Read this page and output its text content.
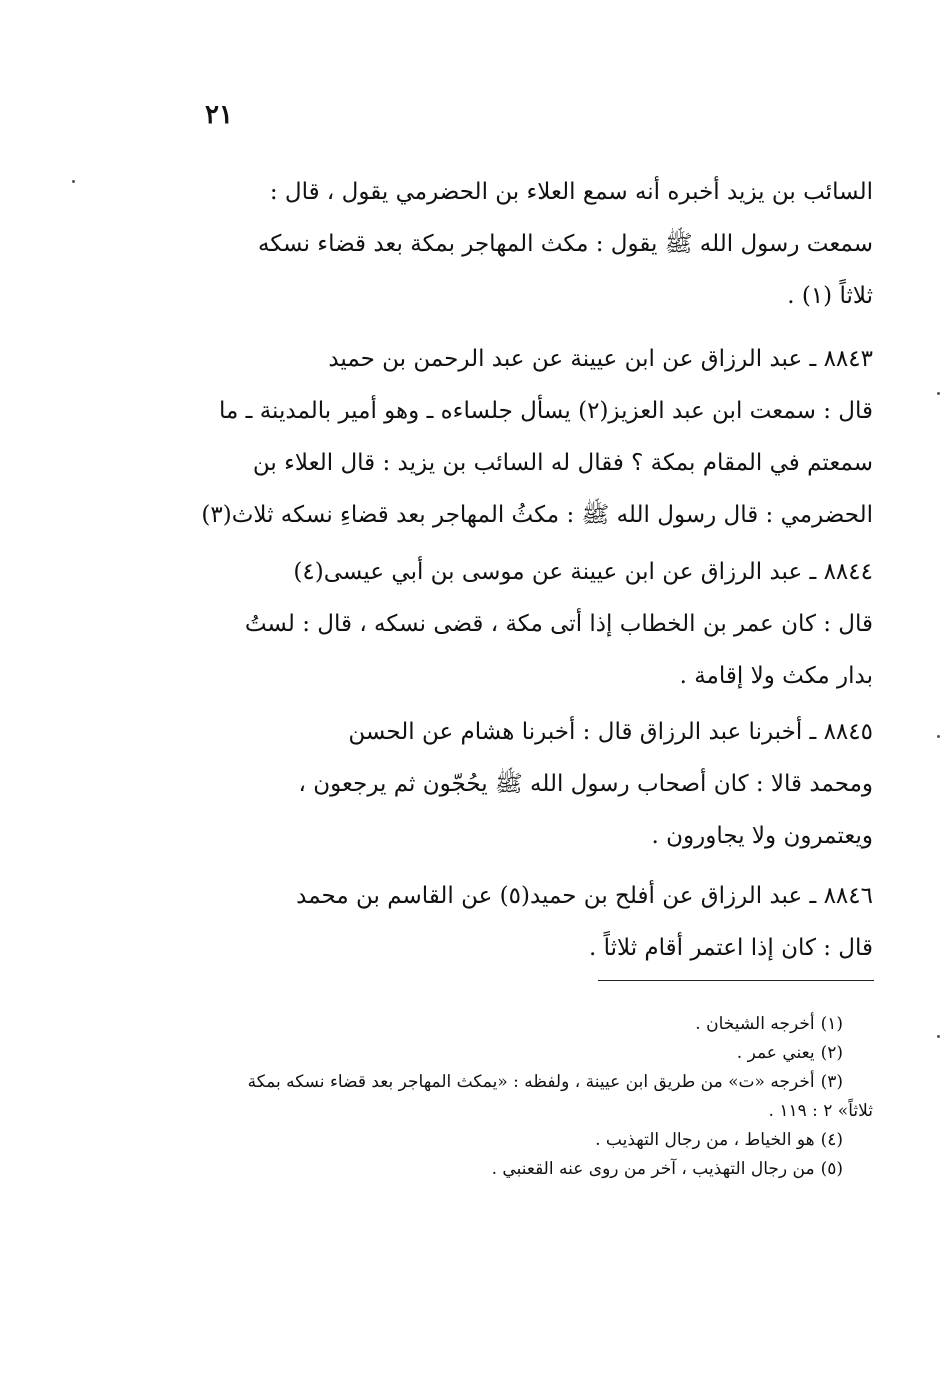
٢١
السائب بن يزيد أخبره أنه سمع العلاء بن الحضرمي يقول ، قال :
سمعت رسول الله ﷺ يقول : مكث المهاجر بمكة بعد قضاء نسكه
ثلاثاً (١) .
٨٨٤٣ ـ عبد الرزاق عن ابن عيينة عن عبد الرحمن بن حميد
قال : سمعت ابن عبد العزيز(٢) يسأل جلساءه ـ وهو أمير بالمدينة ـ ما
سمعتم في المقام بمكة ؟ فقال له السائب بن يزيد : قال العلاء بن
الحضرمي : قال رسول الله ﷺ : مكثُ المهاجر بعد قضاءِ نسكه ثلاث(٣)
٨٨٤٤ ـ عبد الرزاق عن ابن عيينة عن موسى بن أبي عيسى(٤)
قال : كان عمر بن الخطاب إذا أتى مكة ، قضى نسكه ، قال : لستُ
بدار مكث ولا إقامة .
٨٨٤٥ ـ أخبرنا عبد الرزاق قال : أخبرنا هشام عن الحسن
ومحمد قالا : كان أصحاب رسول الله ﷺ يحُجّون ثم يرجعون ،
ويعتمرون ولا يجاورون .
٨٨٤٦ ـ عبد الرزاق عن أفلح بن حميد(٥) عن القاسم بن محمد
قال : كان إذا اعتمر أقام ثلاثاً .
(١)أخرجه الشيخان .
(٢)يعني عمر .
(٣)أخرجه «ت» من طريق ابن عيينة ، ولفظه : «يمكث المهاجر بعد قضاء نسكه بمكة
ثلاثاً» ٢ : ١١٩ .
(٤)هو الخياط ، من رجال التهذيب .
(٥)من رجال التهذيب ، آخر من روى عنه القعنبي .
